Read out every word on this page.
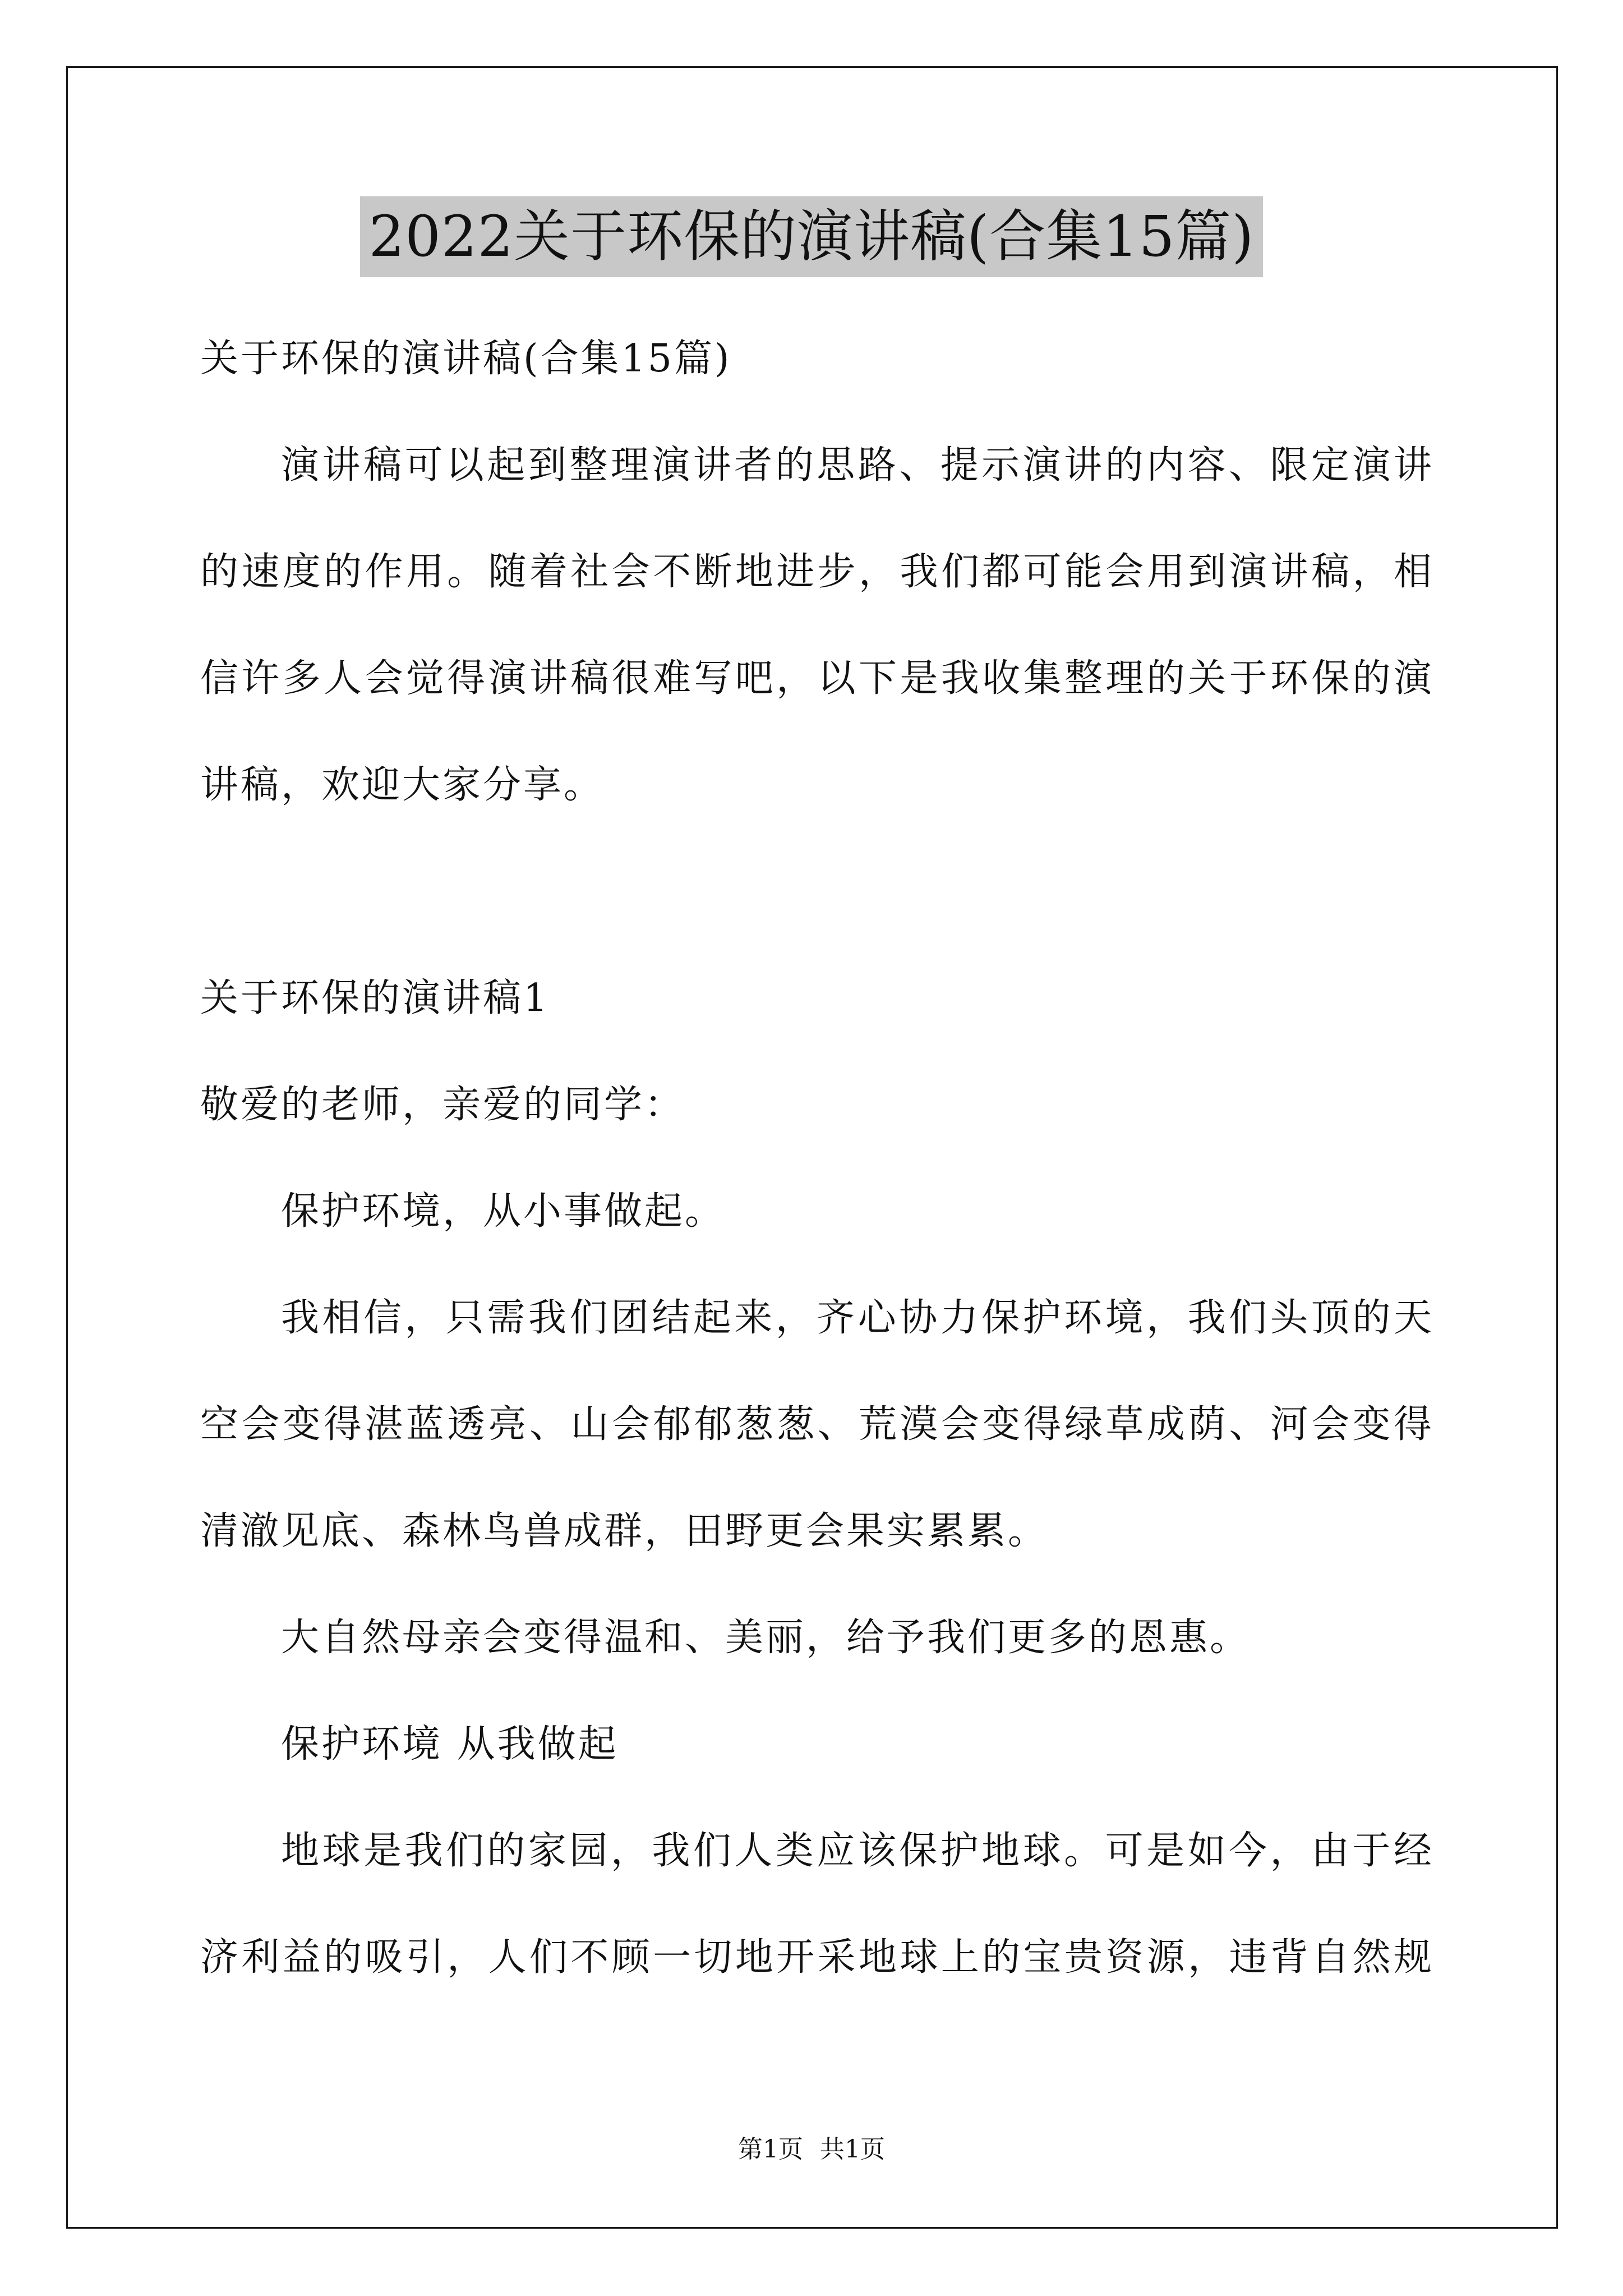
2022关于环保的演讲稿(合集15篇)
关于环保的演讲稿(合集15篇)
演讲稿可以起到整理演讲者的思路、提示演讲的内容、限定演讲
的速度的作用。随着社会不断地进步，我们都可能会用到演讲稿，相
信许多人会觉得演讲稿很难写吧，以下是我收集整理的关于环保的演
讲稿，欢迎大家分享。
关于环保的演讲稿1
敬爱的老师，亲爱的同学：
保护环境，从小事做起。
我相信，只需我们团结起来，齐心协力保护环境，我们头顶的天
空会变得湛蓝透亮、山会郁郁葱葱、荒漠会变得绿草成荫、河会变得
清澈见底、森林鸟兽成群，田野更会果实累累。
大自然母亲会变得温和、美丽，给予我们更多的恩惠。
保护环境 从我做起
地球是我们的家园，我们人类应该保护地球。可是如今，由于经
济利益的吸引，人们不顾一切地开采地球上的宝贵资源，违背自然规
第1页 共1页
